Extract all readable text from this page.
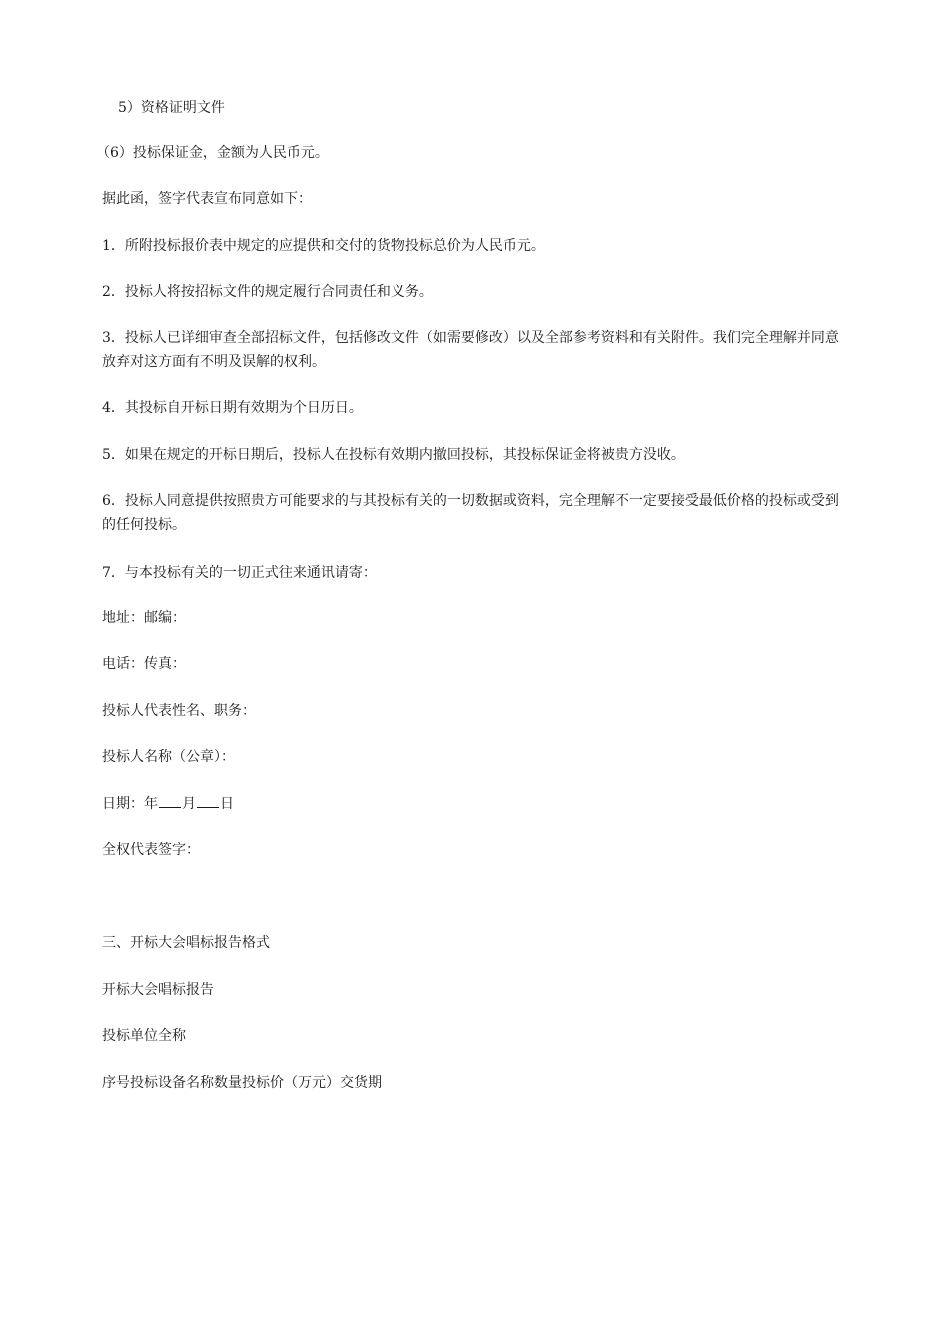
5）资格证明文件
（6）投标保证金，金额为人民币元。
据此函，签字代表宣布同意如下：
1．所附投标报价表中规定的应提供和交付的货物投标总价为人民币元。
2．投标人将按招标文件的规定履行合同责任和义务。
3．投标人已详细审查全部招标文件，包括修改文件（如需要修改）以及全部参考资料和有关附件。我们完全理解并同意放弃对这方面有不明及误解的权利。
4．其投标自开标日期有效期为个日历日。
5．如果在规定的开标日期后，投标人在投标有效期内撤回投标，其投标保证金将被贵方没收。
6．投标人同意提供按照贵方可能要求的与其投标有关的一切数据或资料，完全理解不一定要接受最低价格的投标或受到的任何投标。
7．与本投标有关的一切正式往来通讯请寄：
地址：邮编：
电话：传真：
投标人代表性名、职务：
投标人名称（公章）：
日期：年 月 日
全权代表签字：
三、开标大会唱标报告格式
开标大会唱标报告
投标单位全称
序号投标设备名称数量投标价（万元）交货期
